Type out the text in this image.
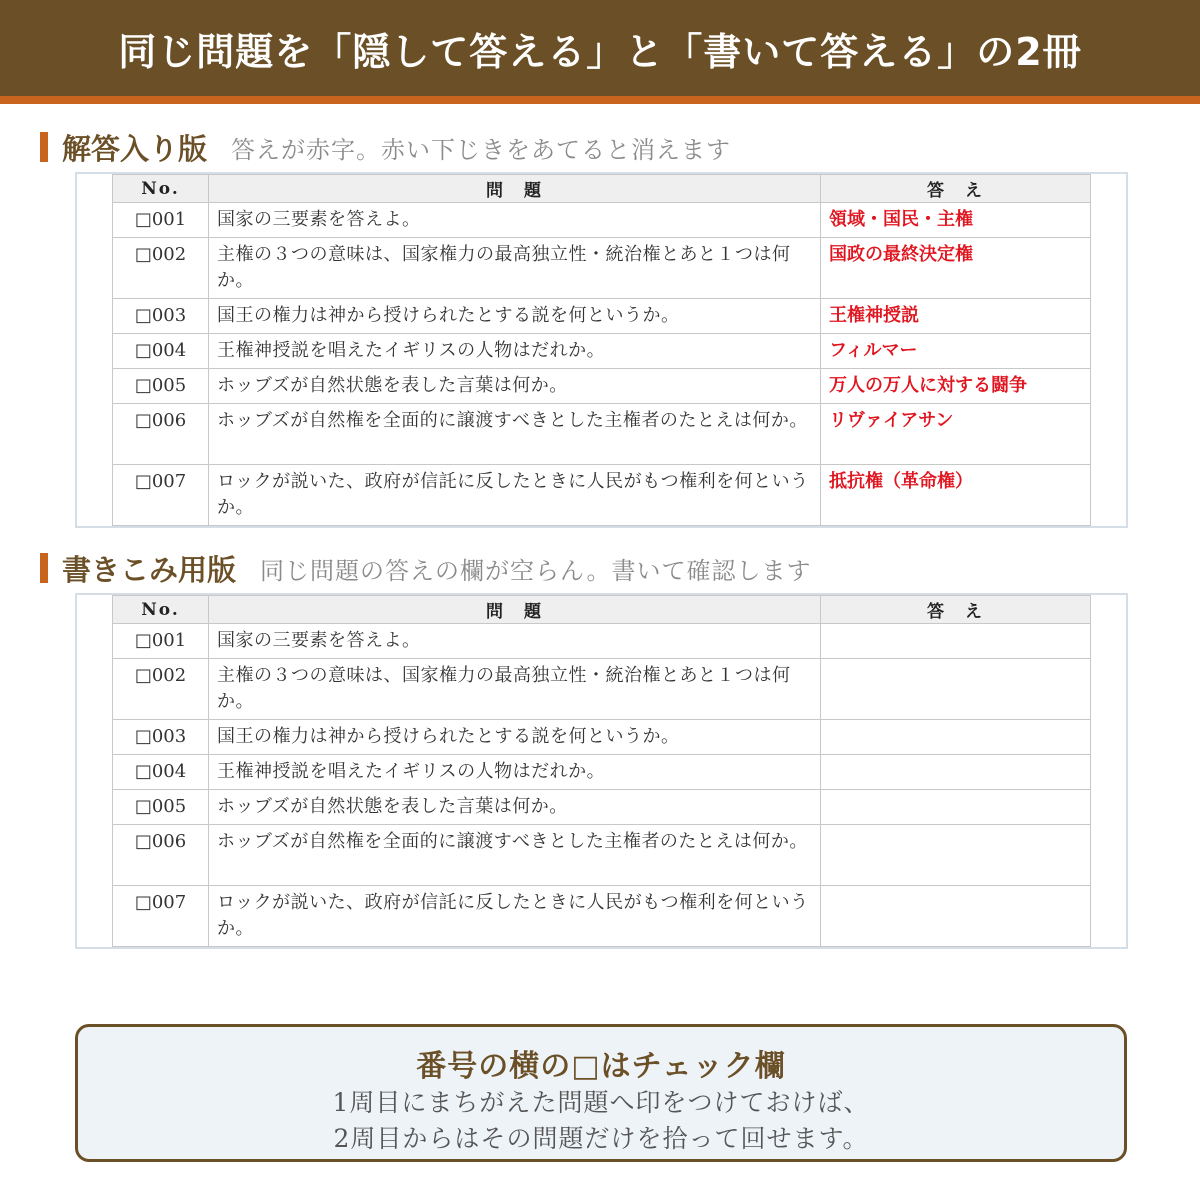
同じ問題を「隠して答える」と「書いて答える」の2冊
解答入り版 答えが赤字。赤い下じきをあてると消えます
No.	問　題	答　え
□001	国家の三要素を答えよ。	領域・国民・主権
□002	主権の３つの意味は、国家権力の最高独立性・統治権とあと１つは何か。	国政の最終決定権
□003	国王の権力は神から授けられたとする説を何というか。	王権神授説
□004	王権神授説を唱えたイギリスの人物はだれか。	フィルマー
□005	ホッブズが自然状態を表した言葉は何か。	万人の万人に対する闘争
□006	ホッブズが自然権を全面的に譲渡すべきとした主権者のたとえは何か。	リヴァイアサン
□007	ロックが説いた、政府が信託に反したときに人民がもつ権利を何というか。	抵抗権（革命権）
書きこみ用版 同じ問題の答えの欄が空らん。書いて確認します
No.	問　題	答　え
□001	国家の三要素を答えよ。	
□002	主権の３つの意味は、国家権力の最高独立性・統治権とあと１つは何か。	
□003	国王の権力は神から授けられたとする説を何というか。	
□004	王権神授説を唱えたイギリスの人物はだれか。	
□005	ホッブズが自然状態を表した言葉は何か。	
□006	ホッブズが自然権を全面的に譲渡すべきとした主権者のたとえは何か。	
□007	ロックが説いた、政府が信託に反したときに人民がもつ権利を何というか。	
番号の横の□はチェック欄
1周目にまちがえた問題へ印をつけておけば、
2周目からはその問題だけを拾って回せます。
